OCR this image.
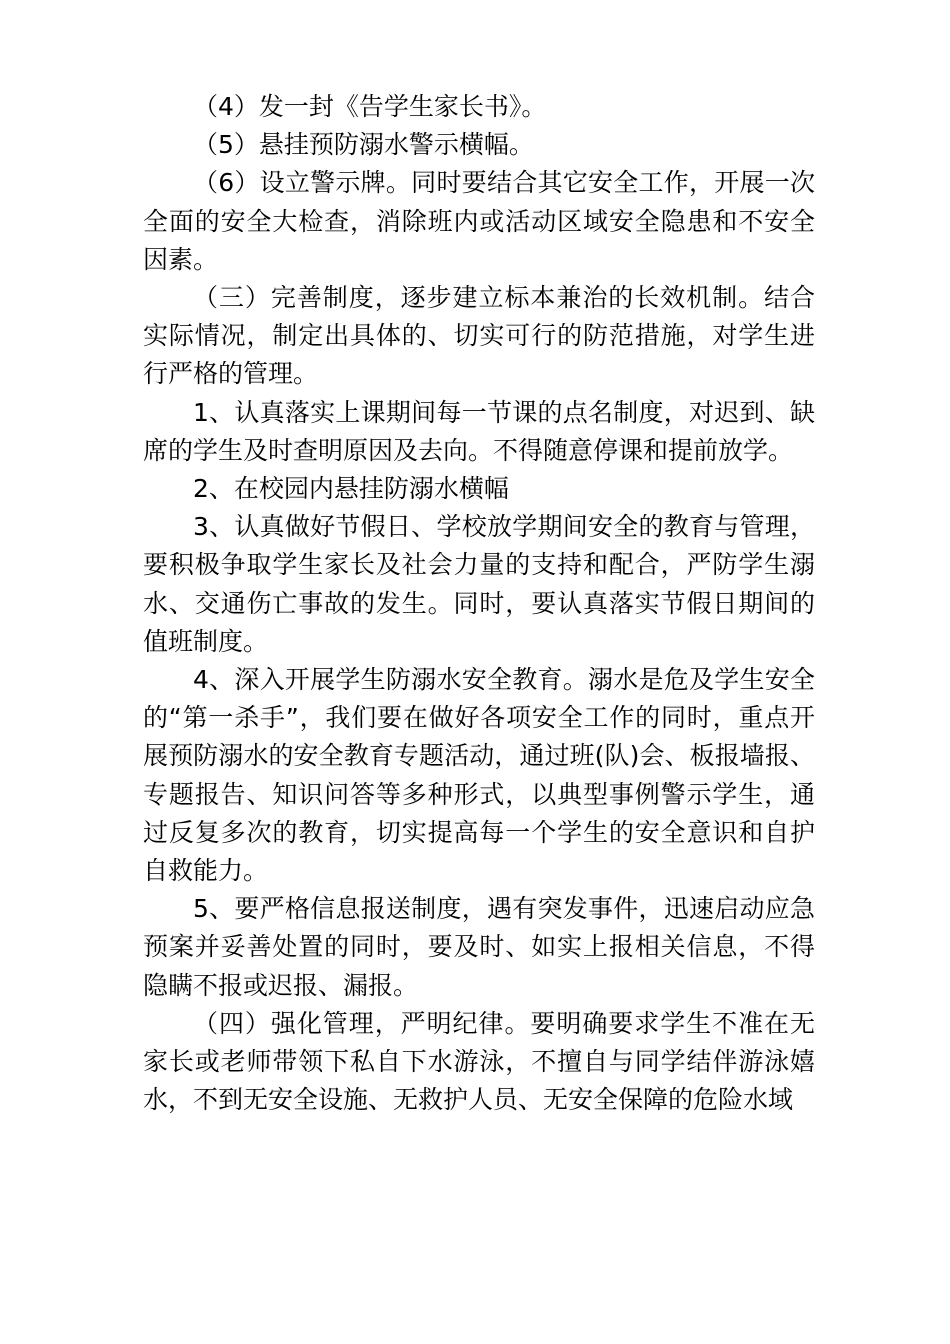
（4）发一封《告学生家长书》。

（5）悬挂预防溺水警示横幅。

（6）设立警示牌。同时要结合其它安全工作，开展一次全面的安全大检查，消除班内或活动区域安全隐患和不安全因素。

（三）完善制度，逐步建立标本兼治的长效机制。结合实际情况，制定出具体的、切实可行的防范措施，对学生进行严格的管理。

1、认真落实上课期间每一节课的点名制度，对迟到、缺席的学生及时查明原因及去向。不得随意停课和提前放学。

2、在校园内悬挂防溺水横幅

3、认真做好节假日、学校放学期间安全的教育与管理，要积极争取学生家长及社会力量的支持和配合，严防学生溺水、交通伤亡事故的发生。同时，要认真落实节假日期间的值班制度。

4、深入开展学生防溺水安全教育。溺水是危及学生安全的“第一杀手”，我们要在做好各项安全工作的同时，重点开展预防溺水的安全教育专题活动，通过班(队)会、板报墙报、专题报告、知识问答等多种形式，以典型事例警示学生，通过反复多次的教育，切实提高每一个学生的安全意识和自护自救能力。

5、要严格信息报送制度，遇有突发事件，迅速启动应急预案并妥善处置的同时，要及时、如实上报相关信息，不得隐瞒不报或迟报、漏报。

（四）强化管理，严明纪律。要明确要求学生不准在无家长或老师带领下私自下水游泳，不擅自与同学结伴游泳嬉水，不到无安全设施、无救护人员、无安全保障的危险水域
